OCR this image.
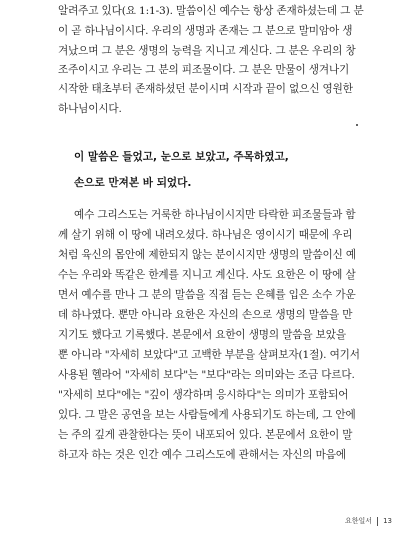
알려주고 있다(요 1:1-3). 말씀이신 예수는 항상 존재하셨는데 그 분
이 곧 하나님이시다. 우리의 생명과 존재는 그 분으로 말미암아 생
겨났으며 그 분은 생명의 능력을 지니고 계신다. 그 분은 우리의 창
조주이시고 우리는 그 분의 피조물이다. 그 분은 만물이 생겨나기
시작한 태초부터 존재하셨던 분이시며 시작과 끝이 없으신 영원한
하나님이시다.
이 말씀은 들었고, 눈으로 보았고, 주목하였고,
손으로 만져본 바 되었다.
예수 그리스도는 거룩한 하나님이시지만 타락한 피조물들과 함
께 살기 위해 이 땅에 내려오셨다. 하나님은 영이시기 때문에 우리
처럼 육신의 몸안에 제한되지 않는 분이시지만 생명의 말씀이신 예
수는 우리와 똑같은 한계를 지니고 계신다. 사도 요한은 이 땅에 살
면서 예수를 만나 그 분의 말씀을 직접 듣는 은혜를 입은 소수 가운
데 하나였다. 뿐만 아니라 요한은 자신의 손으로 생명의 말씀을 만
지기도 했다고 기록했다. 본문에서 요한이 생명의 말씀을 보았을
뿐 아니라 "자세히 보았다"고 고백한 부분을 살펴보자(1절). 여기서
사용된 헬라어 "자세히 보다"는 "보다"라는 의미와는 조금 다르다.
"자세히 보다"에는 "깊이 생각하며 응시하다"는 의미가 포함되어
있다. 그 말은 공연을 보는 사람들에게 사용되기도 하는데, 그 안에
는 주의 깊게 관찰한다는 뜻이 내포되어 있다. 본문에서 요한이 말
하고자 하는 것은 인간 예수 그리스도에 관해서는 자신의 마음에
요한일서 13
